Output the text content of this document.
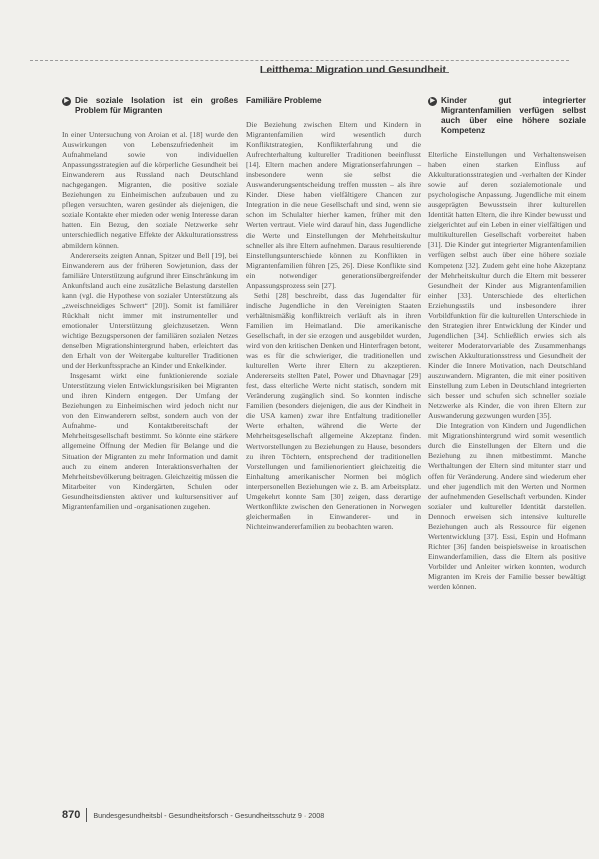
Leitthema: Migration und Gesundheit
▶ Die soziale Isolation ist ein großes Problem für Migranten

In einer Untersuchung von Aroian et al. [18] wurde den Auswirkungen von Lebenszufriedenheit im Aufnahmeland sowie von individuellen Anpassungsstrategien auf die körperliche Gesundheit bei Einwanderern aus Russland nach Deutschland nachgegangen. Migranten, die positive soziale Beziehungen zu Einheimischen aufzubauen und zu pflegen versuchten, waren gesünder als diejenigen, die soziale Kontakte eher mieden oder wenig Interesse daran hatten. Ein Bezug, den soziale Netzwerke sehr unterschiedlich negative Effekte der Akkulturationsstress abmildern können.

Andererseits zeigten Annan, Spitzer und Bell [19], bei Einwanderern aus der früheren Sowjetunion, dass der familiäre Unterstützung aufgrund ihrer Einschränkung im Ankunftsland auch eine zusätzliche Belastung darstellen kann (vgl. die Hypothese von sozialer Unterstützung als „zweischneidiges Schwert“ [20]). Somit ist familiärer Rückhalt nicht immer mit instrumenteller und emotionaler Unterstützung gleichzusetzen. Wenn wichtige Bezugspersonen der familiären sozialen Netzes denselben Migrationshintergrund haben, erleichtert das den Erhalt von der Weitergabe kultureller Traditionen und der Herkunftssprache an Kinder und Enkelkinder.

Insgesamt wirkt eine funktionierende soziale Unterstützung vielen Entwicklungsrisiken bei Migranten und ihren Kindern entgegen. Der Umfang der Beziehungen zu Einheimischen wird jedoch nicht nur von den Einwanderern selbst, sondern auch von der Aufnahme- und Kontaktbereitschaft der Mehrheitsgesellschaft bestimmt. So könnte eine stärkere allgemeine Öffnung der Medien für Belange und die Situation der Migranten zu mehr Information und damit auch zu einem anderen Interaktionsverhalten der Mehrheitsbevölkerung beitragen. Gleichzeitig müssen die Mitarbeiter von Kindergärten, Schulen oder Gesundheitsdiensten aktiver und kultursensitiver auf Migrantenfamilien und -organisationen zugehen.

Familiäre Probleme

Die Beziehung zwischen Eltern und Kindern in Migrantenfamilien wird wesentlich durch Konfliktstrategien, Konflikterfahrung und die Aufrechterhaltung kultureller Traditionen beeinflusst [14]. Eltern machen andere Migrationserfahrungen – insbesondere wenn sie selbst die Auswanderungsentscheidung treffen mussten – als ihre Kinder. Diese haben vielfältigere Chancen zur Integration in die neue Gesellschaft und sind, wenn sie schon im Schulalter hierher kamen, früher mit den Werten vertraut. Viele wird darauf hin, dass Jugendliche die Werte und Einstellungen der Mehrheitskultur schneller als ihre Eltern aufnehmen. Daraus resultierende Einstellungsunterschiede können zu Konflikten in Migrantenfamilien führen [25, 26]. Diese Konflikte sind ein notwendiger generationsübergreifender Anpassungsprozess sein [27].

Sethi [28] beschreibt, dass das Jugendalter für indische Jugendliche in den Vereinigten Staaten verhältnismäßig konfliktreich verläuft als in ihren Familien im Heimatland. Die amerikanische Gesellschaft, in der sie erzogen und ausgebildet wurden, wird von den kritischen Denken und Hinterfragen betont, was es für die schwieriger, die traditionellen und kulturellen Werte ihrer Eltern zu akzeptieren. Andererseits stellten Patel, Power und Dhavnagar [29] fest, dass elterliche Werte nicht statisch, sondern mit Veränderung zugänglich sind. So konnten indische Familien (besonders diejenigen, die aus der Kindheit in die USA kamen) zwar ihre Entfaltung traditioneller Werte erhalten, während die Werte der Mehrheitsgesellschaft allgemeine Akzeptanz finden. Wertvorstellungen zu Beziehungen zu Hause, besonders zu ihren Töchtern, entsprechend der traditionellen Vorstellungen und familienorientiert gleichzeitig die Einhaltung amerikanischer Normen bei möglich interpersonellen Beziehungen wie z. B. am Arbeitsplatz. Umgekehrt konnte Sam [30] zeigen, dass derartige Wertkonflikte zwischen den Generationen in Norwegen gleichermaßen in Einwanderer- und in Nichteinwandererfamilien zu beobachten waren.

▶ Kinder gut integrierter Migrantenfamilien verfügen selbst auch über eine höhere soziale Kompetenz

Elterliche Einstellungen und Verhaltensweisen haben einen starken Einfluss auf Akkulturationsstrategien und -verhalten der Kinder sowie auf deren sozialemotionale und psychologische Anpassung. Jugendliche mit einem ausgeprägten Bewusstsein ihrer kulturellen Identität hatten Eltern, die ihre Kinder bewusst und zielgerichtet auf ein Leben in einer vielfältigen und multikulturellen Gesellschaft vorbereitet haben [31]. Die Kinder gut integrierter Migrantenfamilien verfügen selbst auch über eine höhere soziale Kompetenz [32]. Zudem geht eine hohe Akzeptanz der Mehrheitskultur durch die Eltern mit besserer Gesundheit der Kinder aus Migrantenfamilien einher [33]. Unterschiede des elterlichen Erziehungsstils und insbesondere ihrer Vorbildfunktion für die kulturellen Unterschiede in den Strategien ihrer Entwicklung der Kinder und Jugendlichen [34]. Schließlich erwies sich als weiterer Moderatorvariable des Zusammenhangs zwischen Akkulturationsstress und Gesundheit der Kinder die Innere Motivation, nach Deutschland auszuwandern. Migranten, die mit einer positiven Einstellung zum Leben in Deutschland integrierten sich besser und schufen sich schneller soziale Netzwerke als Kinder, die von ihren Eltern zur Auswanderung gezwungen wurden [35].

Die Integration von Kindern und Jugendlichen mit Migrationshintergrund wird somit wesentlich durch die Einstellungen der Eltern und die Beziehung zu ihnen mitbestimmt. Manche Werthaltungen der Eltern sind mitunter starr und offen für Veränderung. Andere sind wiederum eher und eher jugendlich mit den Werten und Normen der aufnehmenden Gesellschaft verbunden. Kinder sozialer und kultureller Identität darstellen. Dennoch erweisen sich intensive kulturelle Beziehungen auch als Ressource für eigenen Wertentwicklung [37]. Essi, Espin und Hofmann Richter [36] fanden beispielsweise in kroatischen Einwanderfamilien, dass die Eltern als positive Vorbilder und Anleiter wirken konnten, wodurch Migranten im Kreis der Familie besser bewältigt werden können.

870 Bundesgesundheitsbl - Gesundheitsforsch - Gesundheitsschutz 9 · 2008
